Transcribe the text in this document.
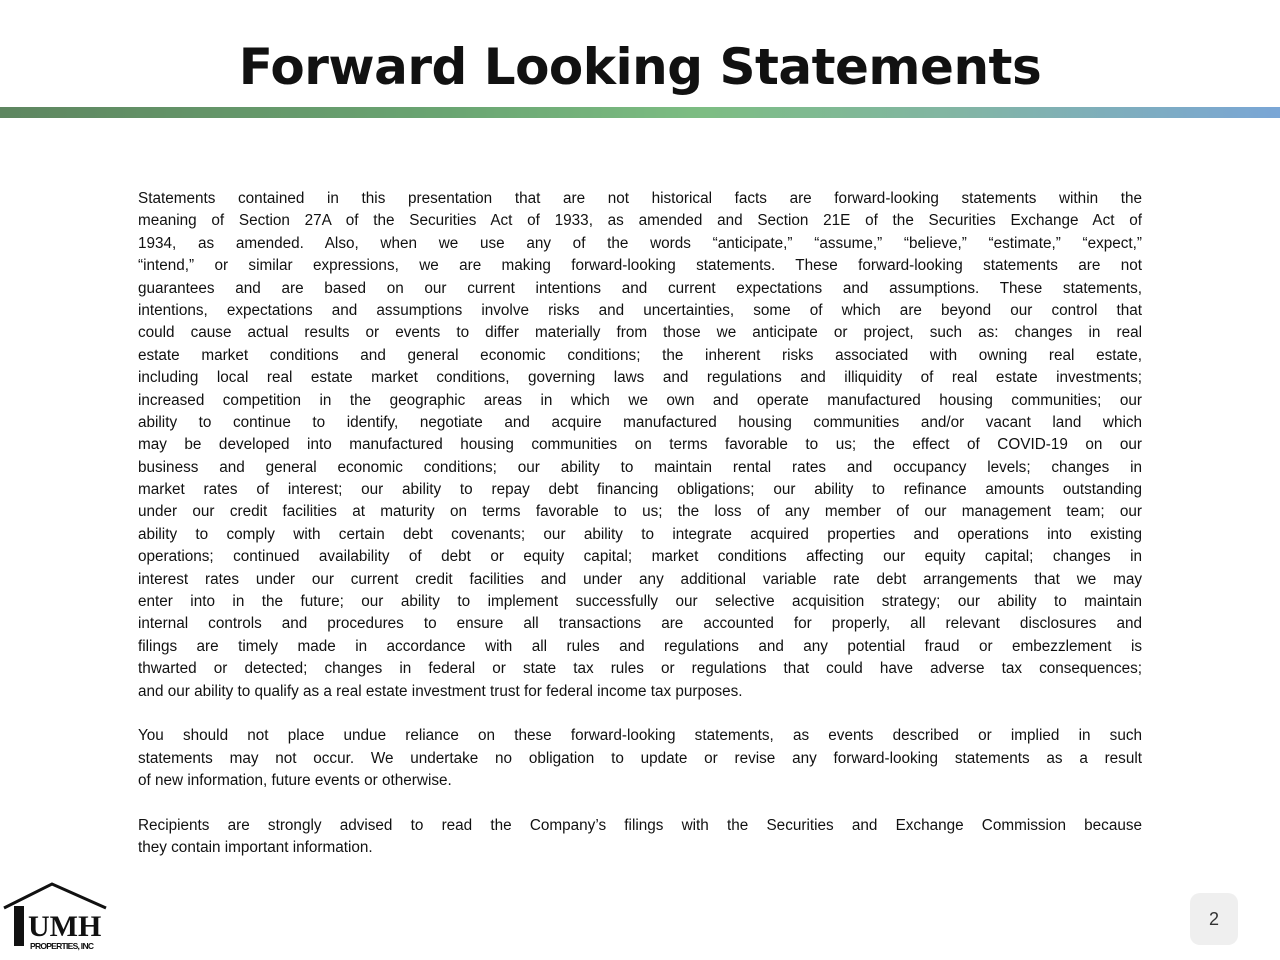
Forward Looking Statements
Statements contained in this presentation that are not historical facts are forward-looking statements within the
meaning of Section 27A of the Securities Act of 1933, as amended and Section 21E of the Securities Exchange Act of
1934, as amended. Also, when we use any of the words “anticipate,” “assume,” “believe,” “estimate,” “expect,”
“intend,” or similar expressions, we are making forward-looking statements. These forward-looking statements are not
guarantees and are based on our current intentions and current expectations and assumptions. These statements,
intentions, expectations and assumptions involve risks and uncertainties, some of which are beyond our control that
could cause actual results or events to differ materially from those we anticipate or project, such as: changes in real
estate market conditions and general economic conditions; the inherent risks associated with owning real estate,
including local real estate market conditions, governing laws and regulations and illiquidity of real estate investments;
increased competition in the geographic areas in which we own and operate manufactured housing communities; our
ability to continue to identify, negotiate and acquire manufactured housing communities and/or vacant land which
may be developed into manufactured housing communities on terms favorable to us; the effect of COVID-19 on our
business and general economic conditions; our ability to maintain rental rates and occupancy levels; changes in
market rates of interest; our ability to repay debt financing obligations; our ability to refinance amounts outstanding
under our credit facilities at maturity on terms favorable to us; the loss of any member of our management team; our
ability to comply with certain debt covenants; our ability to integrate acquired properties and operations into existing
operations; continued availability of debt or equity capital; market conditions affecting our equity capital; changes in
interest rates under our current credit facilities and under any additional variable rate debt arrangements that we may
enter into in the future; our ability to implement successfully our selective acquisition strategy; our ability to maintain
internal controls and procedures to ensure all transactions are accounted for properly, all relevant disclosures and
filings are timely made in accordance with all rules and regulations and any potential fraud or embezzlement is
thwarted or detected; changes in federal or state tax rules or regulations that could have adverse tax consequences;
and our ability to qualify as a real estate investment trust for federal income tax purposes.
You should not place undue reliance on these forward-looking statements, as events described or implied in such
statements may not occur. We undertake no obligation to update or revise any forward-looking statements as a result
of new information, future events or otherwise.
Recipients are strongly advised to read the Company’s filings with the Securities and Exchange Commission because
they contain important information.
UMH
PROPERTIES, INC
2
